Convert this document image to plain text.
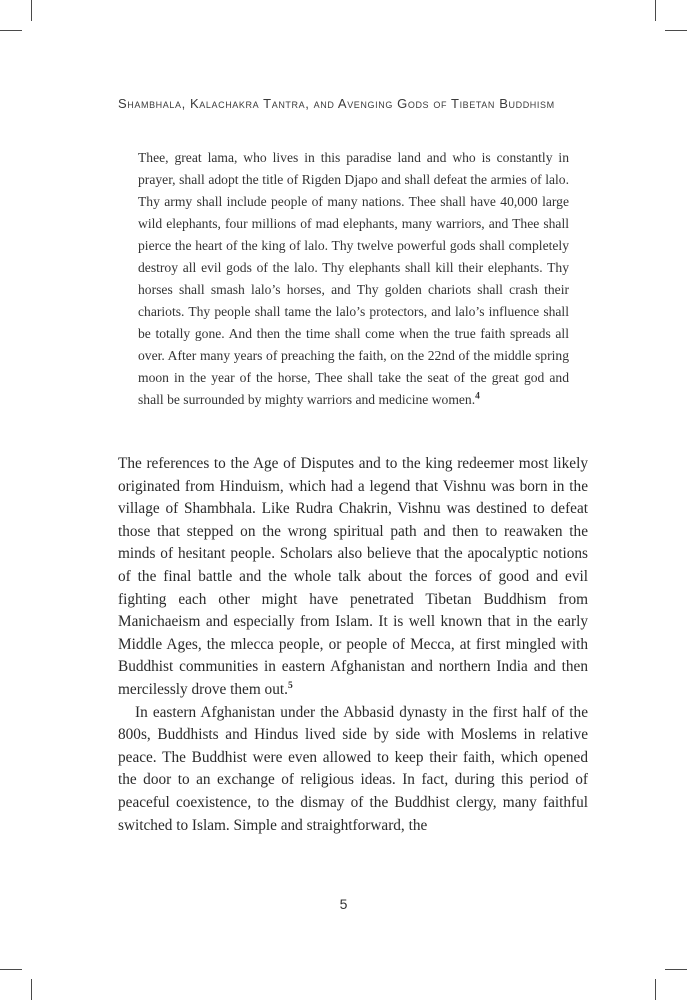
Shambhala, Kalachakra Tantra, and Avenging Gods of Tibetan Buddhism

Thee, great lama, who lives in this paradise land and who is constantly in prayer, shall adopt the title of Rigden Djapo and shall defeat the armies of lalo. Thy army shall include people of many nations. Thee shall have 40,000 large wild elephants, four millions of mad elephants, many warriors, and Thee shall pierce the heart of the king of lalo. Thy twelve powerful gods shall completely destroy all evil gods of the lalo. Thy elephants shall kill their elephants. Thy horses shall smash lalo’s horses, and Thy golden chariots shall crash their chariots. Thy people shall tame the lalo’s protectors, and lalo’s influence shall be totally gone. And then the time shall come when the true faith spreads all over. After many years of preaching the faith, on the 22nd of the middle spring moon in the year of the horse, Thee shall take the seat of the great god and shall be surrounded by mighty warriors and medicine women.$^4$

The references to the Age of Disputes and to the king redeemer most likely originated from Hinduism, which had a legend that Vishnu was born in the village of Shambhala. Like Rudra Chakrin, Vishnu was destined to defeat those that stepped on the wrong spiritual path and then to reawaken the minds of hesitant people. Scholars also believe that the apocalyptic notions of the final battle and the whole talk about the forces of good and evil fighting each other might have penetrated Tibetan Buddhism from Manichaeism and especially from Islam. It is well known that in the early Middle Ages, the mlecca people, or people of Mecca, at first mingled with Buddhist communities in eastern Afghanistan and northern India and then mercilessly drove them out.$^5$

In eastern Afghanistan under the Abbasid dynasty in the first half of the 800s, Buddhists and Hindus lived side by side with Moslems in relative peace. The Buddhist were even allowed to keep their faith, which opened the door to an exchange of religious ideas. In fact, during this period of peaceful coexistence, to the dismay of the Buddhist clergy, many faithful switched to Islam. Simple and straightforward, the

5
